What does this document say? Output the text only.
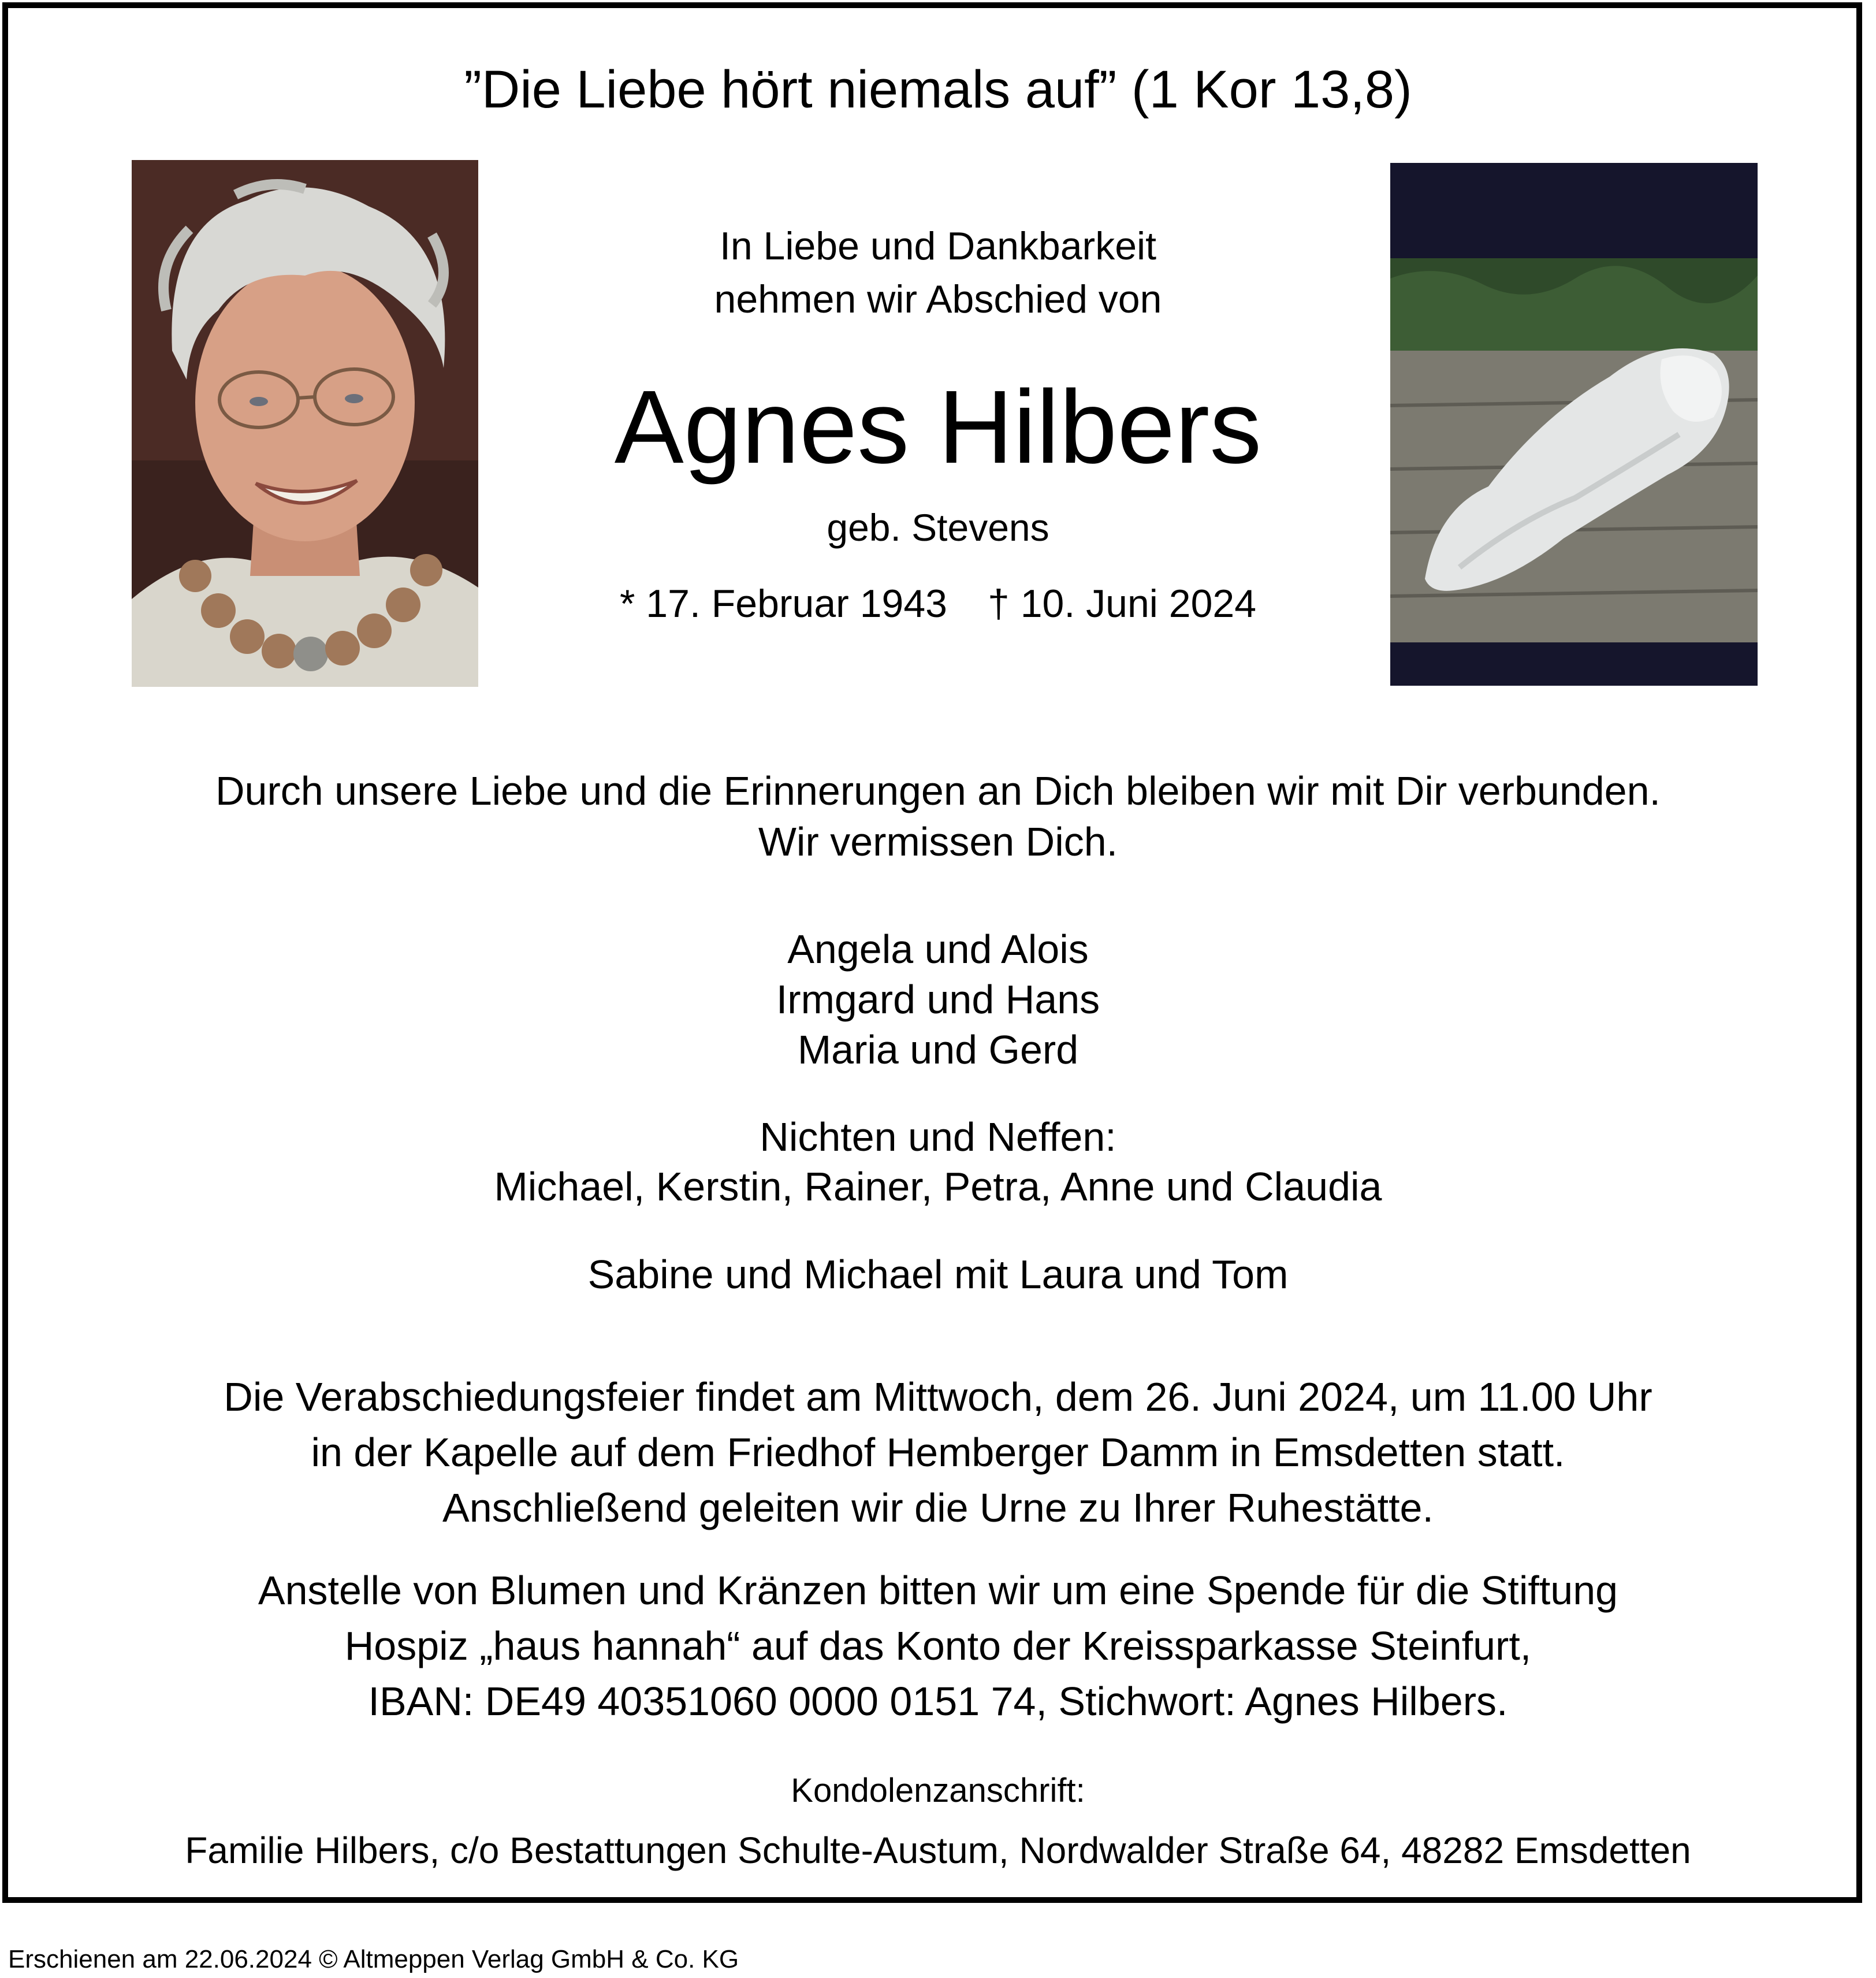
”Die Liebe hört niemals auf” (1 Kor 13,8)
In Liebe und Dankbarkeit
nehmen wir Abschied von
Agnes Hilbers
geb. Stevens
* 17. Februar 1943 † 10. Juni 2024
Durch unsere Liebe und die Erinnerungen an Dich bleiben wir mit Dir verbunden.
Wir vermissen Dich.
Angela und Alois
Irmgard und Hans
Maria und Gerd
Nichten und Neffen:
Michael, Kerstin, Rainer, Petra, Anne und Claudia
Sabine und Michael mit Laura und Tom
Die Verabschiedungsfeier findet am Mittwoch, dem 26. Juni 2024, um 11.00 Uhr
in der Kapelle auf dem Friedhof Hemberger Damm in Emsdetten statt.
Anschließend geleiten wir die Urne zu Ihrer Ruhestätte.
Anstelle von Blumen und Kränzen bitten wir um eine Spende für die Stiftung
Hospiz „haus hannah“ auf das Konto der Kreissparkasse Steinfurt,
IBAN: DE49 40351060 0000 0151 74, Stichwort: Agnes Hilbers.
Kondolenzanschrift:
Familie Hilbers, c/o Bestattungen Schulte-Austum, Nordwalder Straße 64, 48282 Emsdetten
Erschienen am 22.06.2024 © Altmeppen Verlag GmbH & Co. KG
